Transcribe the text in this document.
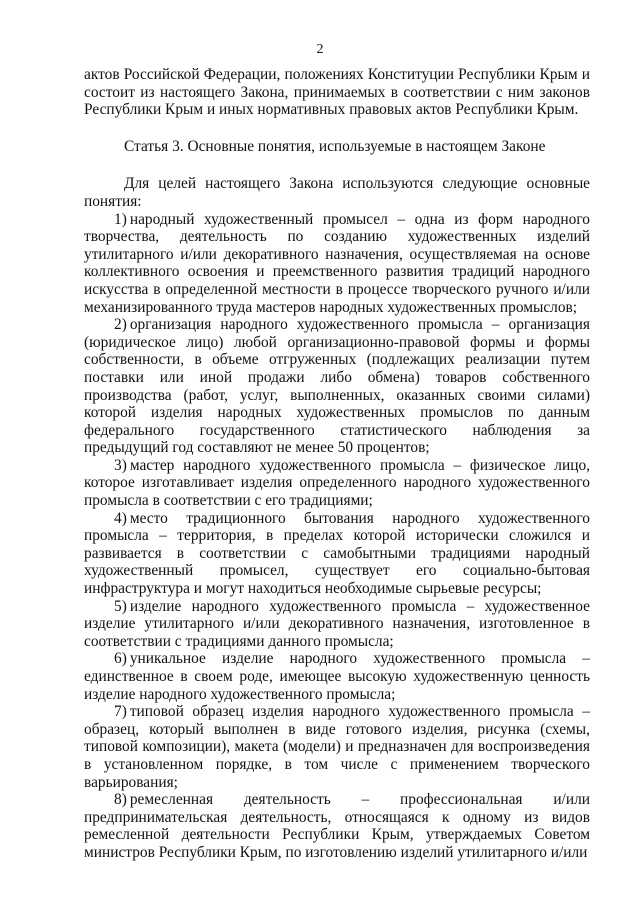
2

актов Российской Федерации, положениях Конституции Республики Крым и состоит из настоящего Закона, принимаемых в соответствии с ним законов Республики Крым и иных нормативных правовых актов Республики Крым.

Статья 3. Основные понятия, используемые в настоящем Законе

Для целей настоящего Закона используются следующие основные понятия:

1) народный художественный промысел – одна из форм народного творчества, деятельность по созданию художественных изделий утилитарного и/или декоративного назначения, осуществляемая на основе коллективного освоения и преемственного развития традиций народного искусства в определенной местности в процессе творческого ручного и/или механизированного труда мастеров народных художественных промыслов;

2) организация народного художественного промысла – организация (юридическое лицо) любой организационно-правовой формы и формы собственности, в объеме отгруженных (подлежащих реализации путем поставки или иной продажи либо обмена) товаров собственного производства (работ, услуг, выполненных, оказанных своими силами) которой изделия народных художественных промыслов по данным федерального государственного статистического наблюдения за предыдущий год составляют не менее 50 процентов;

3) мастер народного художественного промысла – физическое лицо, которое изготавливает изделия определенного народного художественного промысла в соответствии с его традициями;

4) место традиционного бытования народного художественного промысла – территория, в пределах которой исторически сложился и развивается в соответствии с самобытными традициями народный художественный промысел, существует его социально-бытовая инфраструктура и могут находиться необходимые сырьевые ресурсы;

5) изделие народного художественного промысла – художественное изделие утилитарного и/или декоративного назначения, изготовленное в соответствии с традициями данного промысла;

6) уникальное изделие народного художественного промысла – единственное в своем роде, имеющее высокую художественную ценность изделие народного художественного промысла;

7) типовой образец изделия народного художественного промысла – образец, который выполнен в виде готового изделия, рисунка (схемы, типовой композиции), макета (модели) и предназначен для воспроизведения в установленном порядке, в том числе с применением творческого варьирования;

8) ремесленная деятельность – профессиональная и/или предпринимательская деятельность, относящаяся к одному из видов ремесленной деятельности Республики Крым, утверждаемых Советом министров Республики Крым, по изготовлению изделий утилитарного и/или
